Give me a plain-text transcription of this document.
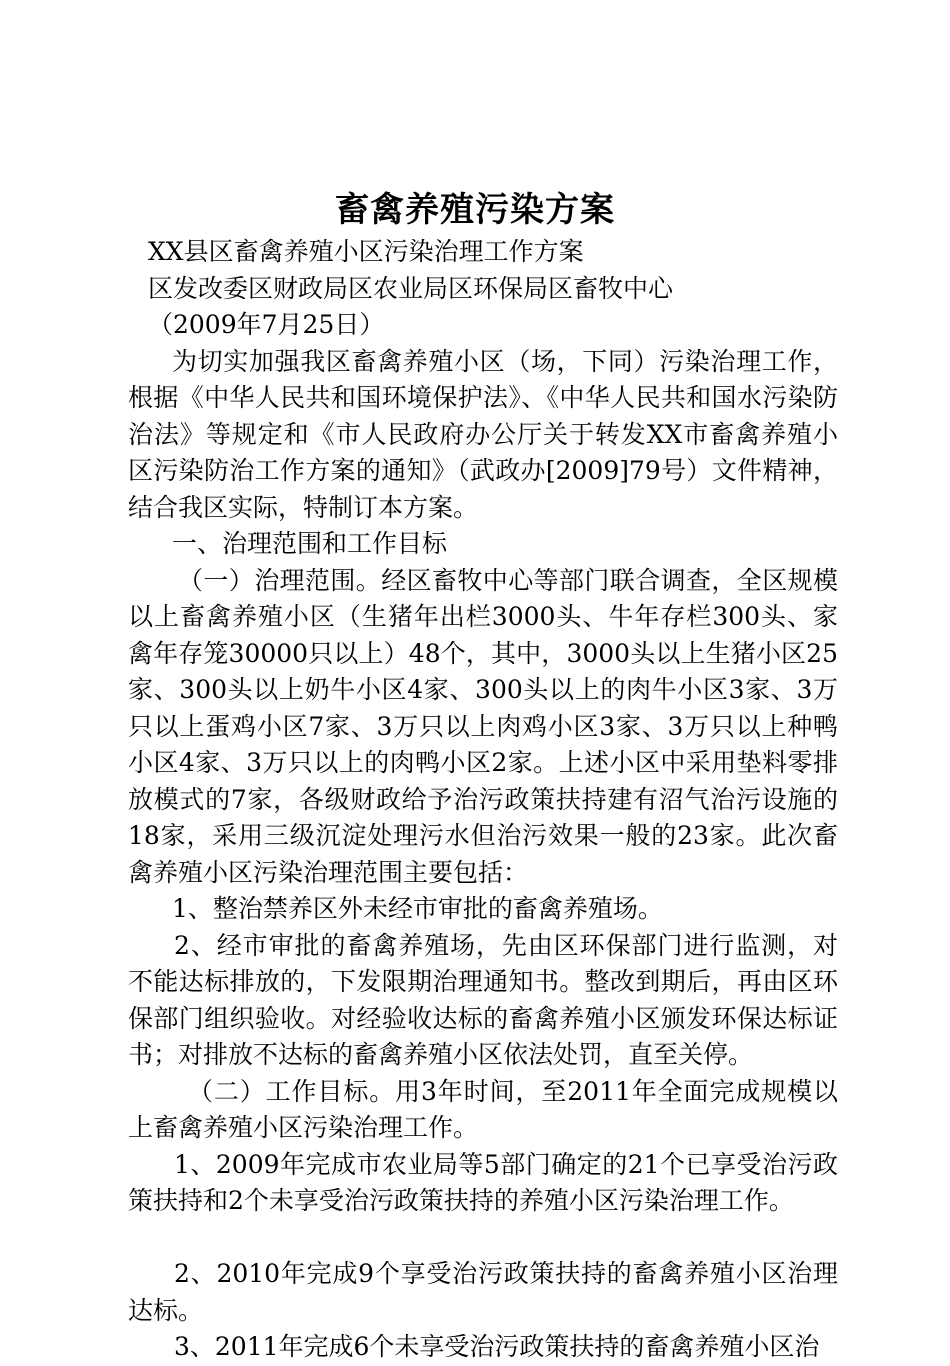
畜禽养殖污染方案

XX县区畜禽养殖小区污染治理工作方案

区发改委区财政局区农业局区环保局区畜牧中心

（2009年7月25日）

为切实加强我区畜禽养殖小区（场，下同）污染治理工作，根据《中华人民共和国环境保护法》、《中华人民共和国水污染防治法》等规定和《市人民政府办公厅关于转发XX市畜禽养殖小区污染防治工作方案的通知》（武政办[2009]79号）文件精神，结合我区实际，特制订本方案。

一、治理范围和工作目标

（一）治理范围。经区畜牧中心等部门联合调查，全区规模以上畜禽养殖小区（生猪年出栏3000头、牛年存栏300头、家禽年存笼30000只以上）48个，其中，3000头以上生猪小区25家、300头以上奶牛小区4家、300头以上的肉牛小区3家、3万只以上蛋鸡小区7家、3万只以上肉鸡小区3家、3万只以上种鸭小区4家、3万只以上的肉鸭小区2家。上述小区中采用垫料零排放模式的7家，各级财政给予治污政策扶持建有沼气治污设施的18家，采用三级沉淀处理污水但治污效果一般的23家。此次畜禽养殖小区污染治理范围主要包括：

1、整治禁养区外未经市审批的畜禽养殖场。

2、经市审批的畜禽养殖场，先由区环保部门进行监测，对不能达标排放的，下发限期治理通知书。整改到期后，再由区环保部门组织验收。对经验收达标的畜禽养殖小区颁发环保达标证书；对排放不达标的畜禽养殖小区依法处罚，直至关停。

（二）工作目标。用3年时间，至2011年全面完成规模以上畜禽养殖小区污染治理工作。

1、2009年完成市农业局等5部门确定的21个已享受治污政策扶持和2个未享受治污政策扶持的养殖小区污染治理工作。

2、2010年完成9个享受治污政策扶持的畜禽养殖小区治理达标。

3、2011年完成6个未享受治污政策扶持的畜禽养殖小区治
